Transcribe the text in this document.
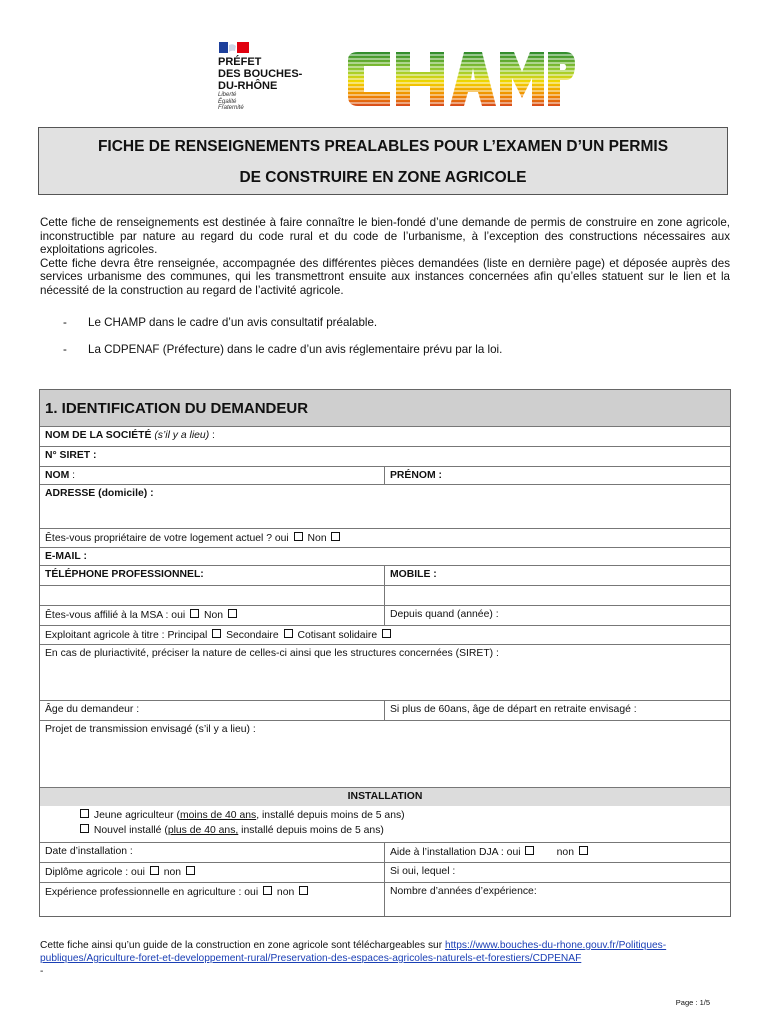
PRÉFET
DES BOUCHES-
DU-RHÔNE
Liberté
Égalité
Fraternité
FICHE DE RENSEIGNEMENTS PREALABLES POUR L’EXAMEN D’UN PERMIS
DE CONSTRUIRE EN ZONE AGRICOLE

Cette fiche de renseignements est destinée à faire connaître le bien-fondé d’une demande de permis de construire en zone agricole, inconstructible par nature au regard du code rural et du code de l’urbanisme, à l’exception des constructions nécessaires aux exploitations agricoles.

Cette fiche devra être renseignée, accompagnée des différentes pièces demandées (liste en dernière page) et déposée auprès des services urbanisme des communes, qui les transmettront ensuite aux instances concernées afin qu’elles statuent sur le lien et la nécessité de la construction au regard de l’activité agricole.

- Le CHAMP dans le cadre d’un avis consultatif préalable.
- La CDPENAF (Préfecture) dans le cadre d’un avis réglementaire prévu par la loi.
1. IDENTIFICATION DU DEMANDEUR
NOM DE LA SOCIÉTÉ (s’il y a lieu) :
N° SIRET :
NOM :	PRÉNOM :
ADRESSE (domicile) :
Êtes-vous propriétaire de votre logement actuel ? oui Non
E-MAIL :
TÉLÉPHONE PROFESSIONNEL:	MOBILE :
Êtes-vous affilié à la MSA : oui Non	Depuis quand (année) :
Exploitant agricole à titre : Principal Secondaire Cotisant solidaire
En cas de pluriactivité, préciser la nature de celles-ci ainsi que les structures concernées (SIRET) :
Âge du demandeur :	Si plus de 60ans, âge de départ en retraite envisagé :
Projet de transmission envisagé (s’il y a lieu) :
INSTALLATION
Jeune agriculteur (moins de 40 ans, installé depuis moins de 5 ans)
Nouvel installé (plus de 40 ans, installé depuis moins de 5 ans)
Date d’installation :	Aide à l’installation DJA : oui	non
Diplôme agricole : oui non	Si oui, lequel :
Expérience professionnelle en agriculture : oui non	Nombre d’années d’expérience:
Cette fiche ainsi qu’un guide de la construction en zone agricole sont téléchargeables sur https://www.bouches-du-rhone.gouv.fr/Politiques-publiques/Agriculture-foret-et-developpement-rural/Preservation-des-espaces-agricoles-naturels-et-forestiers/CDPENAF
-
Page : 1/5
